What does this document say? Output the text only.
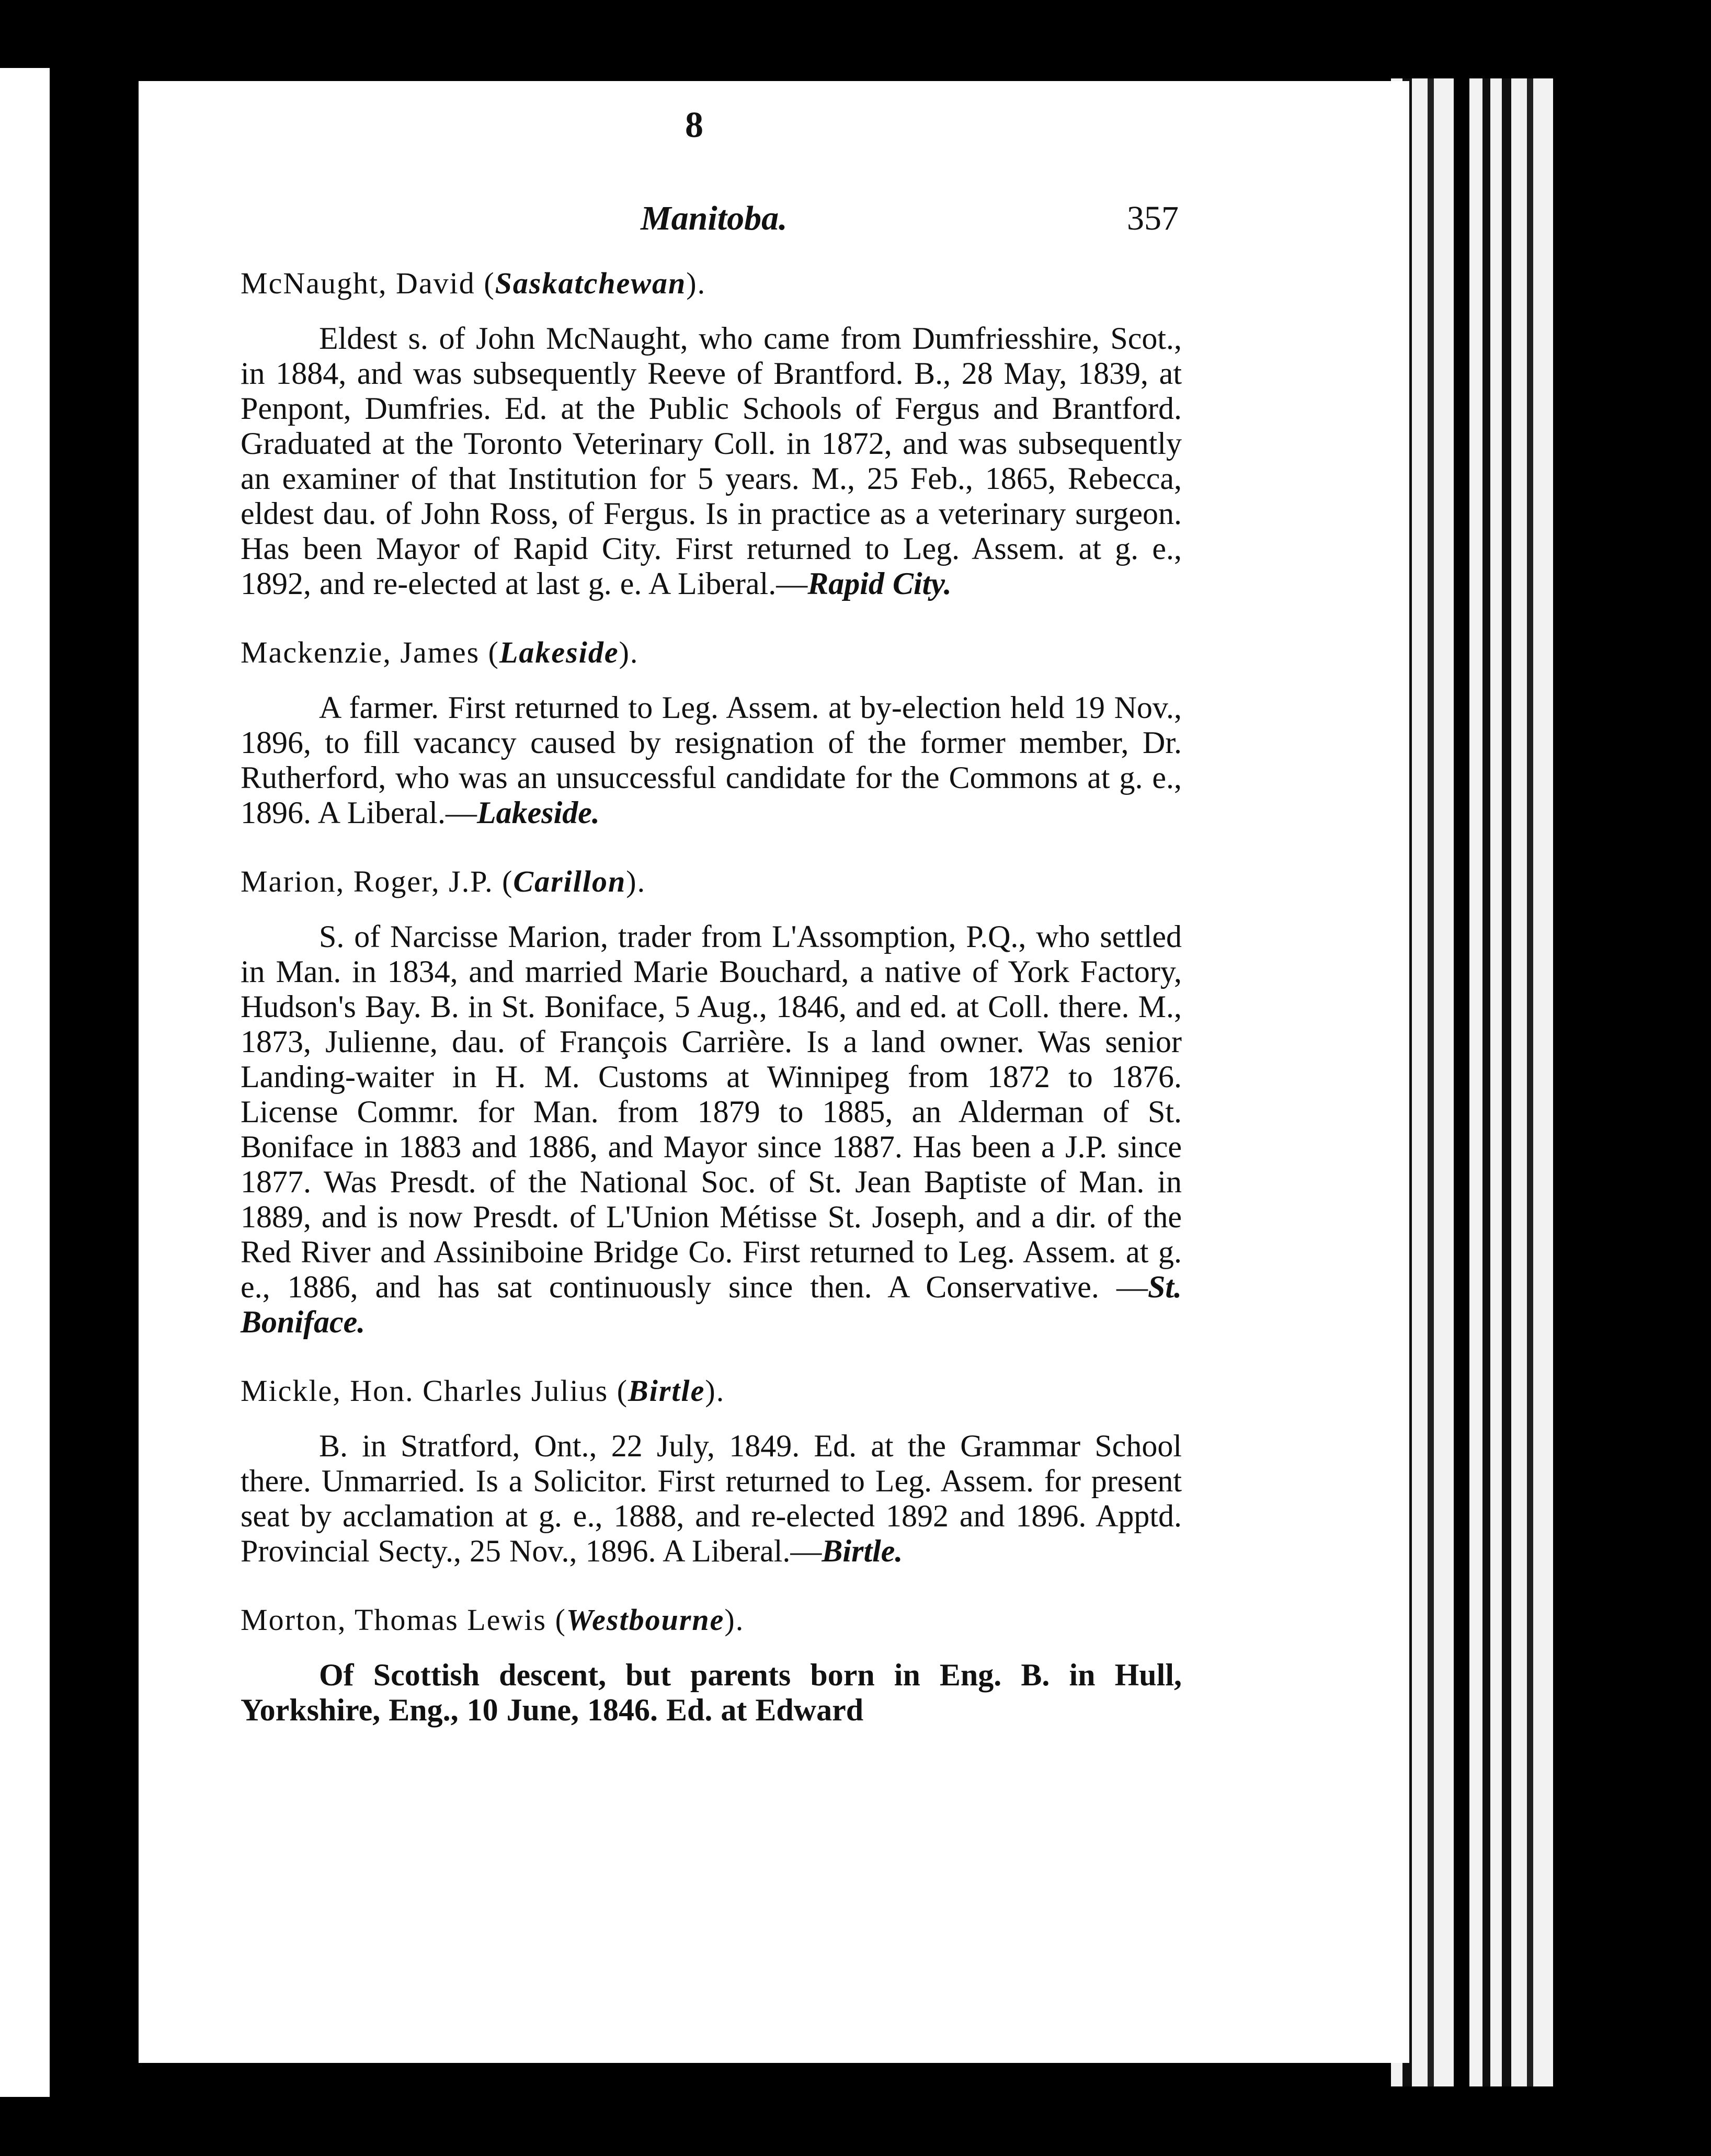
8
Manitoba.	357

McNaught, David (Saskatchewan).

Eldest s. of John McNaught, who came from Dumfriesshire, Scot., in 1884, and was subsequently Reeve of Brantford. B., 28 May, 1839, at Penpont, Dumfries. Ed. at the Public Schools of Fergus and Brantford. Graduated at the Toronto Veterinary Coll. in 1872, and was subsequently an examiner of that Institution for 5 years. M., 25 Feb., 1865, Rebecca, eldest dau. of John Ross, of Fergus. Is in practice as a veterinary surgeon. Has been Mayor of Rapid City. First returned to Leg. Assem. at g. e., 1892, and re-elected at last g. e. A Liberal.—Rapid City.

Mackenzie, James (Lakeside).

A farmer. First returned to Leg. Assem. at by-election held 19 Nov., 1896, to fill vacancy caused by resignation of the former member, Dr. Rutherford, who was an unsuccessful candidate for the Commons at g. e., 1896. A Liberal.—Lakeside.

Marion, Roger, J.P. (Carillon).

S. of Narcisse Marion, trader from L'Assomption, P.Q., who settled in Man. in 1834, and married Marie Bouchard, a native of York Factory, Hudson's Bay. B. in St. Boniface, 5 Aug., 1846, and ed. at Coll. there. M., 1873, Julienne, dau. of François Carrière. Is a land owner. Was senior Landing-waiter in H. M. Customs at Winnipeg from 1872 to 1876. License Commr. for Man. from 1879 to 1885, an Alderman of St. Boniface in 1883 and 1886, and Mayor since 1887. Has been a J.P. since 1877. Was Presdt. of the National Soc. of St. Jean Baptiste of Man. in 1889, and is now Presdt. of L'Union Métisse St. Joseph, and a dir. of the Red River and Assiniboine Bridge Co. First returned to Leg. Assem. at g. e., 1886, and has sat continuously since then. A Conservative. —St. Boniface.

Mickle, Hon. Charles Julius (Birtle).

B. in Stratford, Ont., 22 July, 1849. Ed. at the Grammar School there. Unmarried. Is a Solicitor. First returned to Leg. Assem. for present seat by acclamation at g. e., 1888, and re-elected 1892 and 1896. Apptd. Provincial Secty., 25 Nov., 1896. A Liberal.—Birtle.

Morton, Thomas Lewis (Westbourne).

Of Scottish descent, but parents born in Eng. B. in Hull, Yorkshire, Eng., 10 June, 1846. Ed. at Edward
